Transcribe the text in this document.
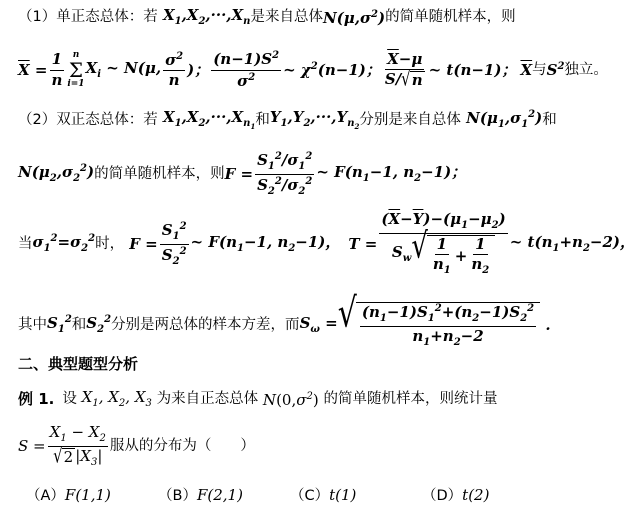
（1）单正态总体：若 $X_1,X_2,\cdot\cdot\cdot,X_n$ 是来自总体 $N(\mu,\sigma^2)$ 的简单随机样本，则
$\overline{X} = \frac{1}{n}$ n
Σ
i=1
$X_i$ ~ N(μ, $\frac{\sigma^2}{n}$ )； $\frac{(n-1)S^2}{\sigma^2}$ ~ $\chi^2(n-1)$； $\frac{\overline{X}-\mu}{S/ √ n}$ ~ t(n−1)； $\overline{X}$ 与 $S^2$ 独立。
（2）双正态总体：若 $X_1,X_2,\cdot\cdot\cdot,X_{n_1}$ 和 $Y_1,Y_2,\cdot\cdot\cdot,Y_{n_2}$ 分别是来自总体 $N(\mu_1,\sigma_1^2)$ 和
$N(\mu_2,\sigma_2^2)$ 的简单随机样本，则 $F = \frac{S_1^2/\sigma_1^2}{S_2^2/\sigma_2^2}$ ~ $F(n_1-1$, $n_2-1$)；
当 $\sigma_1^2=\sigma_2^2$ 时， $F = \frac{S_1^2}{S_2^2}$ ~ $F(n_1-1$, $n_2-1$)， $T = \frac{(\overline{X}-\overline{Y})-(\mu_1-\mu_2)}{S_w √ \frac{1}{n_1} + \frac{1}{n_2}}$ ~ $t(n_1+n_2-2)$，
其中 $S_1^2$ 和 $S_2^2$ 分别是两总体的样本方差，而 $S_\omega$ = √ $\frac{(n_1-1)S_1^2+(n_2-1)S_2^2}{n_1+n_2-2}$ .
二、典型题型分析
例 1. 设 $X_1$, $X_2$, $X_3$ 为来自正态总体 $N(0,\sigma^2)$ 的简单随机样本，则统计量
$S = \frac{X_1 - X_2}{√ 2 |X_3|}$ 服从的分布为（　　）
（A）F(1,1)	（B）F(2,1)	（C）t(1)	（D）t(2)
